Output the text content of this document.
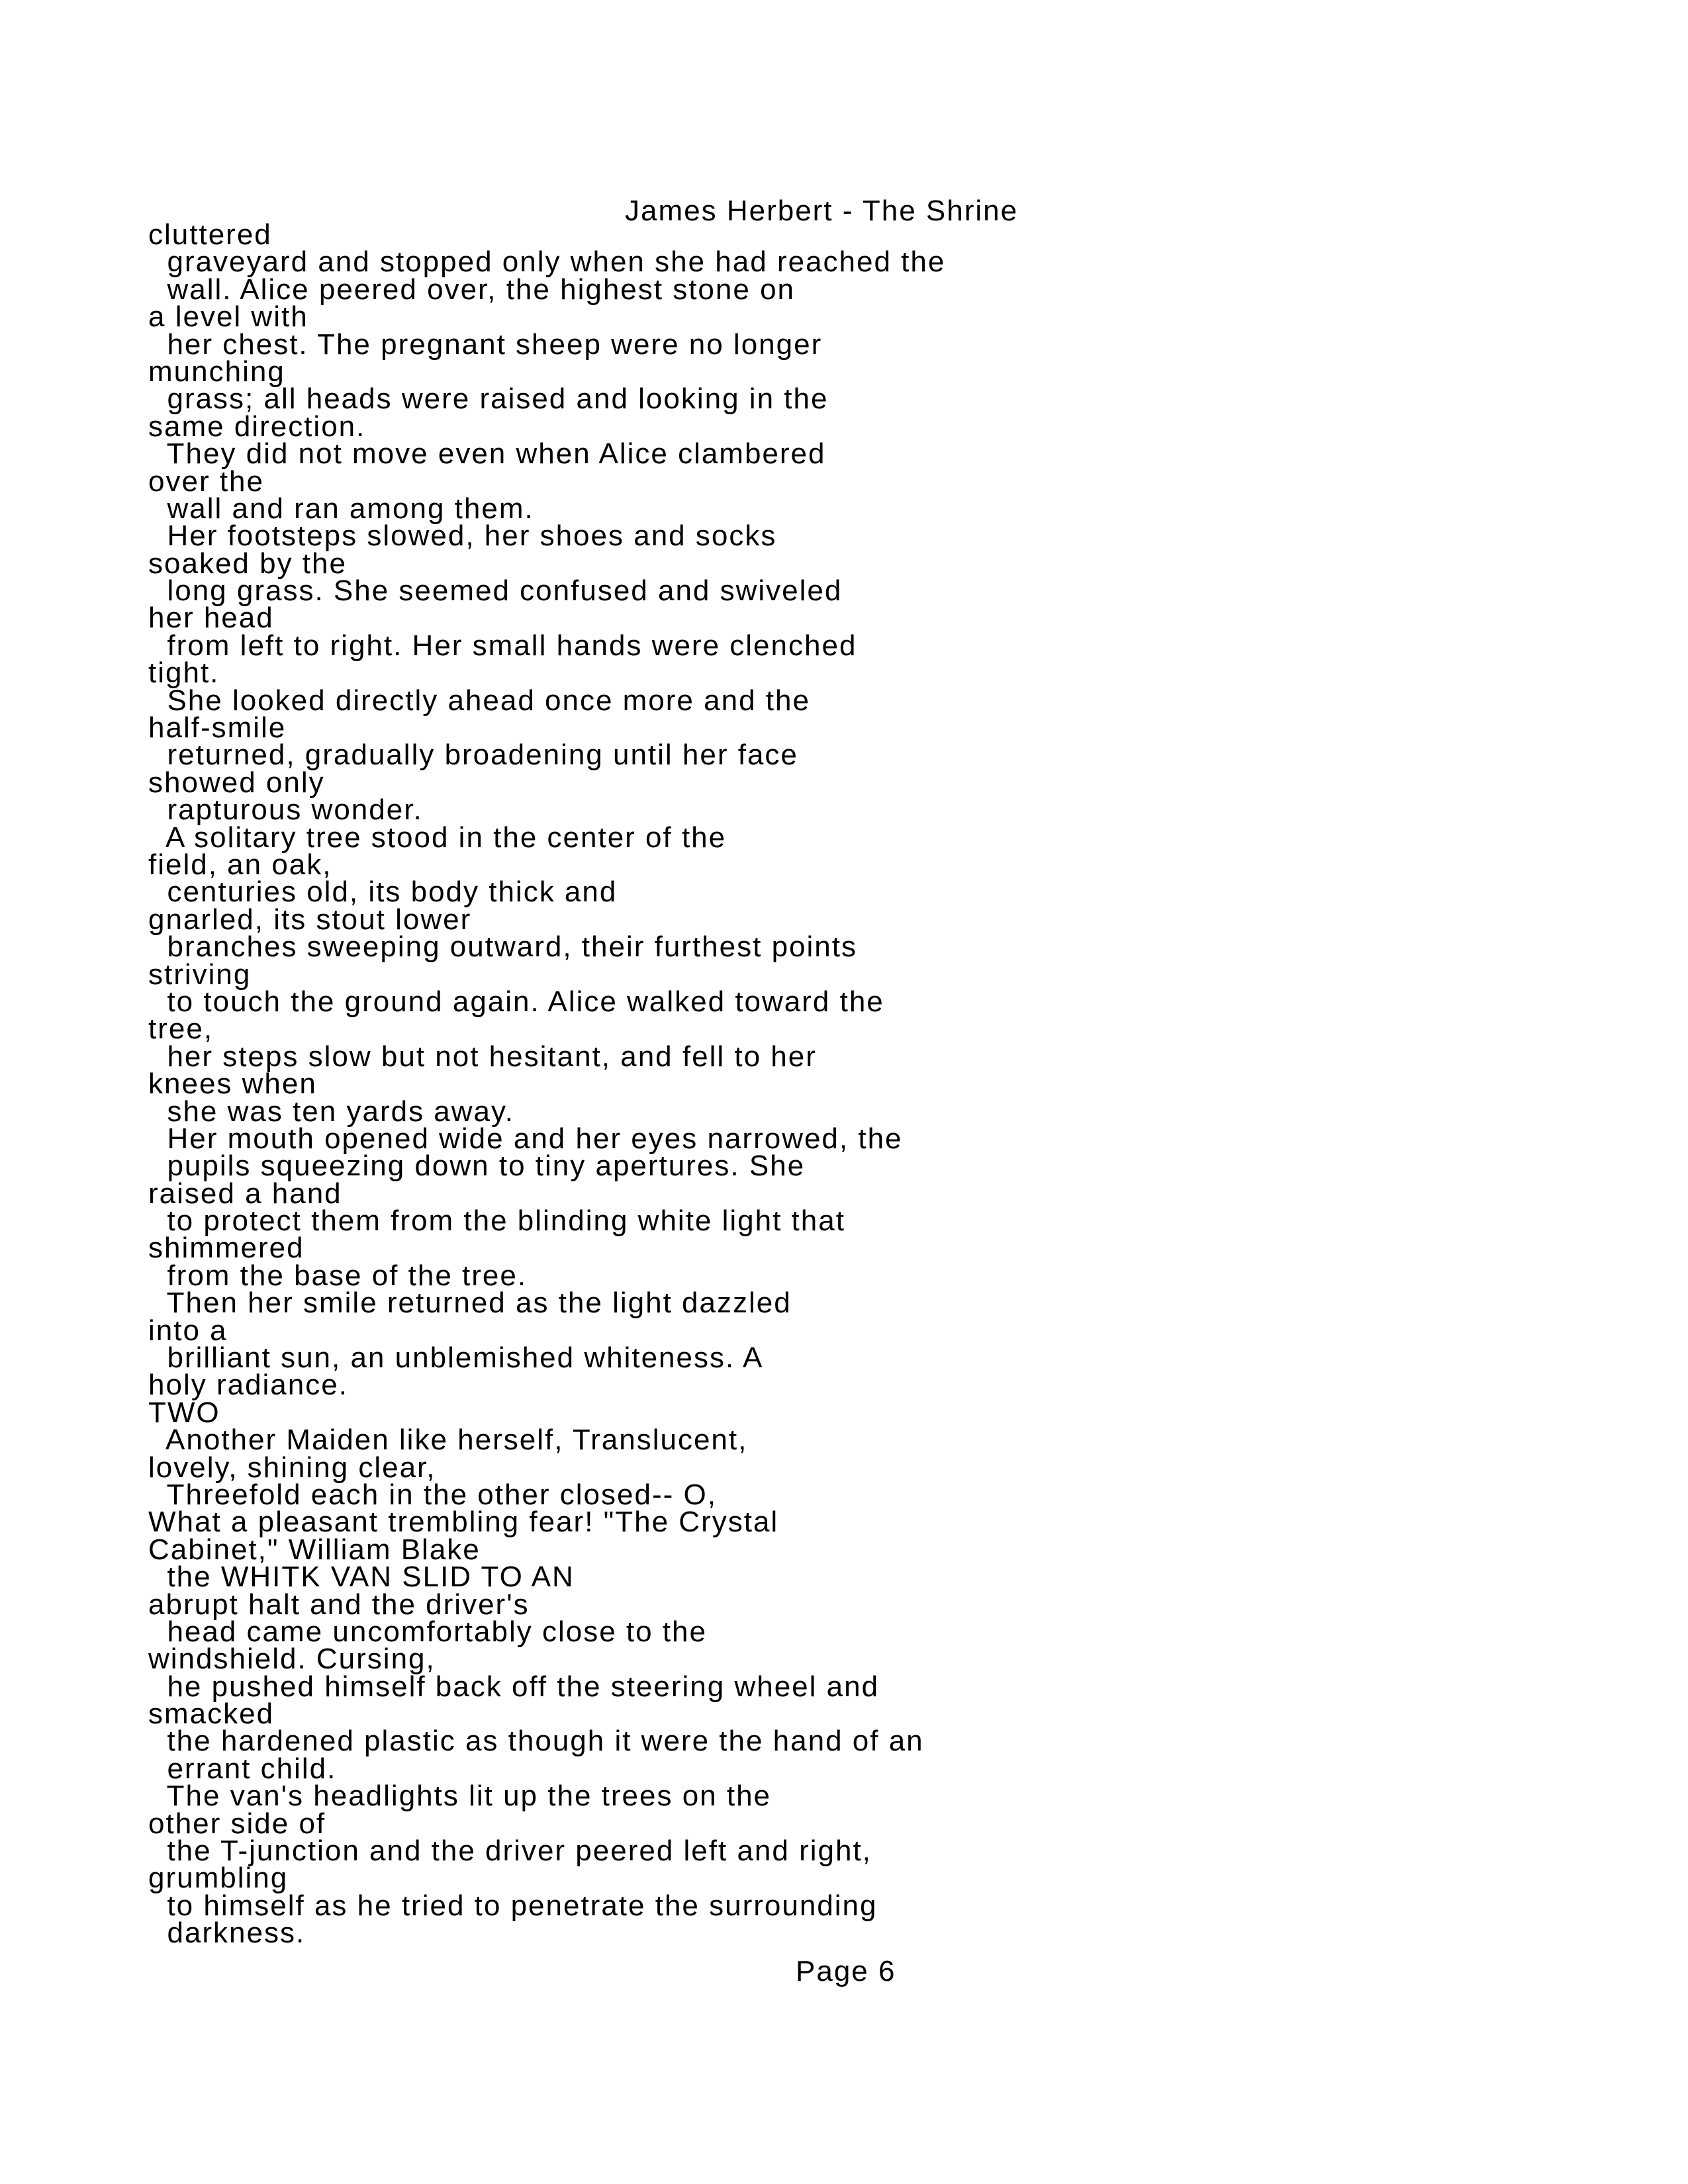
James Herbert - The Shrine
cluttered
graveyard and stopped only when she had reached the
wall. Alice peered over, the highest stone on
a level with
her chest. The pregnant sheep were no longer
munching
grass; all heads were raised and looking in the
same direction.
They did not move even when Alice clambered
over the
wall and ran among them.
Her footsteps slowed, her shoes and socks
soaked by the
long grass. She seemed confused and swiveled
her head
from left to right. Her small hands were clenched
tight.
She looked directly ahead once more and the
half-smile
returned, gradually broadening until her face
showed only
rapturous wonder.
A solitary tree stood in the center of the
field, an oak,
centuries old, its body thick and
gnarled, its stout lower
branches sweeping outward, their furthest points
striving
to touch the ground again. Alice walked toward the
tree,
her steps slow but not hesitant, and fell to her
knees when
she was ten yards away.
Her mouth opened wide and her eyes narrowed, the
pupils squeezing down to tiny apertures. She
raised a hand
to protect them from the blinding white light that
shimmered
from the base of the tree.
Then her smile returned as the light dazzled
into a
brilliant sun, an unblemished whiteness. A
holy radiance.
TWO
Another Maiden like herself, Translucent,
lovely, shining clear,
Threefold each in the other closed-- O,
What a pleasant trembling fear! "The Crystal
Cabinet," William Blake
the WHITK VAN SLID TO AN
abrupt halt and the driver's
head came uncomfortably close to the
windshield. Cursing,
he pushed himself back off the steering wheel and
smacked
the hardened plastic as though it were the hand of an
errant child.
The van's headlights lit up the trees on the
other side of
the T-junction and the driver peered left and right,
grumbling
to himself as he tried to penetrate the surrounding
darkness.
Page 6
